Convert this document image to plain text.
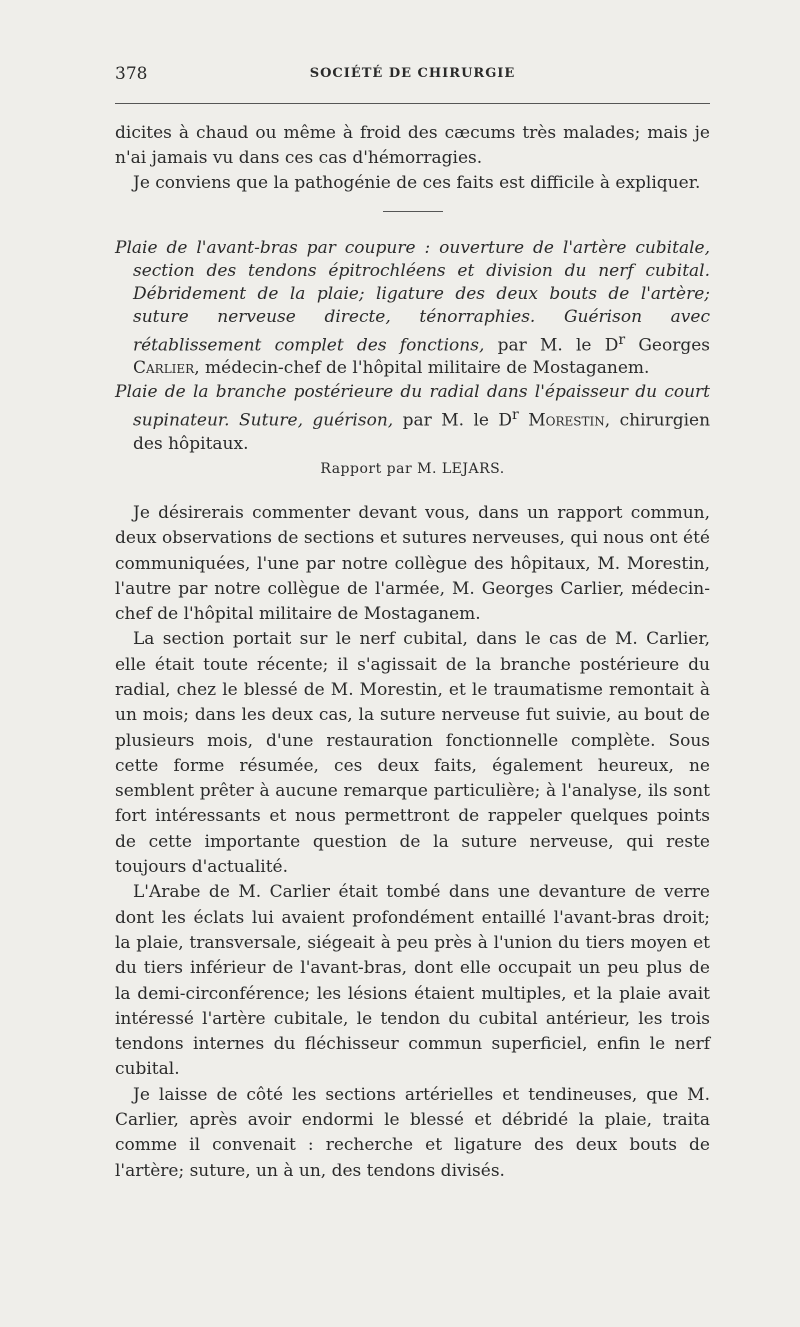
378	SOCIÉTÉ DE CHIRURGIE

dicites à chaud ou même à froid des cæcums très malades; mais je n'ai jamais vu dans ces cas d'hémorragies.

Je conviens que la pathogénie de ces faits est difficile à expliquer.

Plaie de l'avant-bras par coupure : ouverture de l'artère cubitale, section des tendons épitrochléens et division du nerf cubital. Débridement de la plaie; ligature des deux bouts de l'artère; suture nerveuse directe, ténorraphies. Guérison avec rétablissement complet des fonctions, par M. le $D^r$ Georges Carlier, médecin-chef de l'hôpital militaire de Mostaganem.

Plaie de la branche postérieure du radial dans l'épaisseur du court supinateur. Suture, guérison, par M. le $D^r$ Morestin, chirurgien des hôpitaux.

Rapport par M. LEJARS.

Je désirerais commenter devant vous, dans un rapport commun, deux observations de sections et sutures nerveuses, qui nous ont été communiquées, l'une par notre collègue des hôpitaux, M. Morestin, l'autre par notre collègue de l'armée, M. Georges Carlier, médecin-chef de l'hôpital militaire de Mostaganem.

La section portait sur le nerf cubital, dans le cas de M. Carlier, elle était toute récente; il s'agissait de la branche postérieure du radial, chez le blessé de M. Morestin, et le traumatisme remontait à un mois; dans les deux cas, la suture nerveuse fut suivie, au bout de plusieurs mois, d'une restauration fonctionnelle complète. Sous cette forme résumée, ces deux faits, également heureux, ne semblent prêter à aucune remarque particulière; à l'analyse, ils sont fort intéressants et nous permettront de rappeler quelques points de cette importante question de la suture nerveuse, qui reste toujours d'actualité.

L'Arabe de M. Carlier était tombé dans une devanture de verre dont les éclats lui avaient profondément entaillé l'avant-bras droit; la plaie, transversale, siégeait à peu près à l'union du tiers moyen et du tiers inférieur de l'avant-bras, dont elle occupait un peu plus de la demi-circonférence; les lésions étaient multiples, et la plaie avait intéressé l'artère cubitale, le tendon du cubital antérieur, les trois tendons internes du fléchisseur commun superficiel, enfin le nerf cubital.

Je laisse de côté les sections artérielles et tendineuses, que M. Carlier, après avoir endormi le blessé et débridé la plaie, traita comme il convenait : recherche et ligature des deux bouts de l'artère; suture, un à un, des tendons divisés.
